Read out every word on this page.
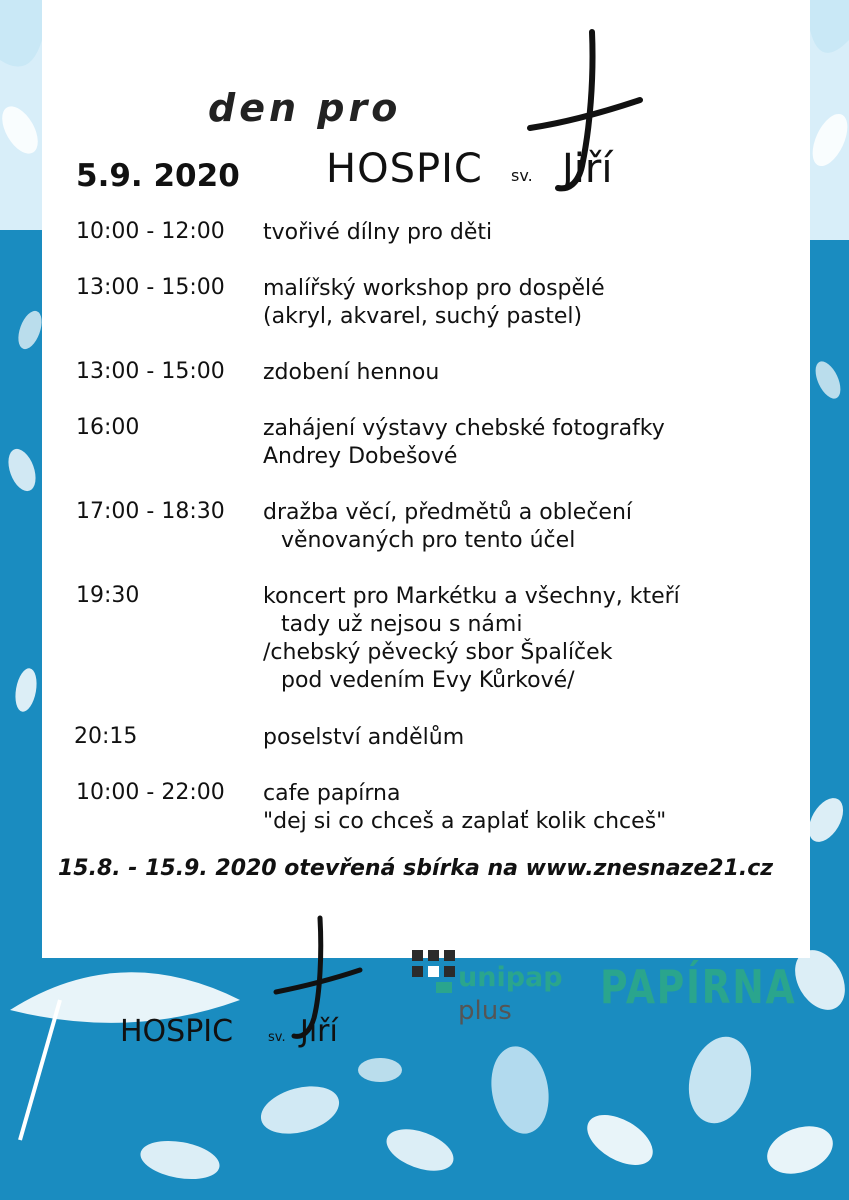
den pro
5.9. 2020 HOSPIC sv. Jiří
10:00 - 12:00 tvořivé dílny pro děti
13:00 - 15:00 malířský workshop pro dospělé
(akryl, akvarel, suchý pastel)
13:00 - 15:00 zdobení hennou
16:00	zahájení výstavy chebské fotografky
Andrey Dobešové
17:00 - 18:30 dražba věcí, předmětů a oblečení
věnovaných pro tento účel
19:30	koncert pro Markétku a všechny, kteří
tady už nejsou s námi
/chebský pěvecký sbor Špalíček
pod vedením Evy Kůrkové/
20:15	poselství andělům
10:00 - 22:00 cafe papírna
"dej si co chceš a zaplať kolik chceš"
15.8. - 15.9. 2020 otevřená sbírka na www.znesnaze21.cz
HOSPIC	sv. Jiří
unipap
plus PAPÍRNA
